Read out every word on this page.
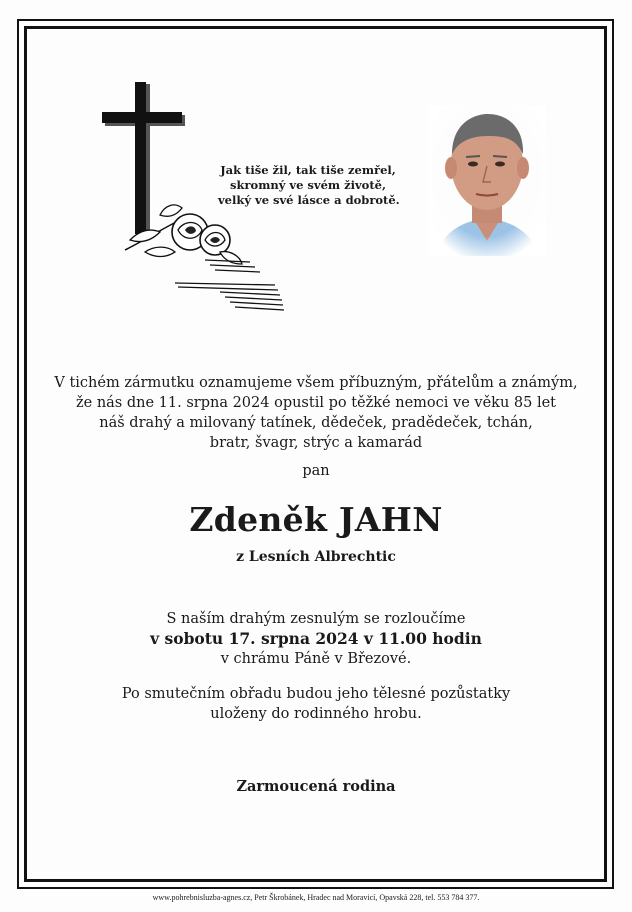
Jak tiše žil, tak tiše zemřel,
skromný ve svém životě,
velký ve své lásce a dobrotě.
V tichém zármutku oznamujeme všem příbuzným, přátelům a známým,
že nás dne 11. srpna 2024 opustil po těžké nemoci ve věku 85 let
náš drahý a milovaný tatínek, dědeček, pradědeček, tchán,
bratr, švagr, strýc a kamarád
pan
Zdeněk JAHN
z Lesních Albrechtic
S naším drahým zesnulým se rozloučíme
v sobotu 17. srpna 2024 v 11.00 hodin
v chrámu Páně v Březové.
Po smutečním obřadu budou jeho tělesné pozůstatky
uloženy do rodinného hrobu.
Zarmoucená rodina
www.pohrebnisluzba-agnes.cz, Petr Škrobánek, Hradec nad Moravicí, Opavská 228, tel. 553 784 377.
